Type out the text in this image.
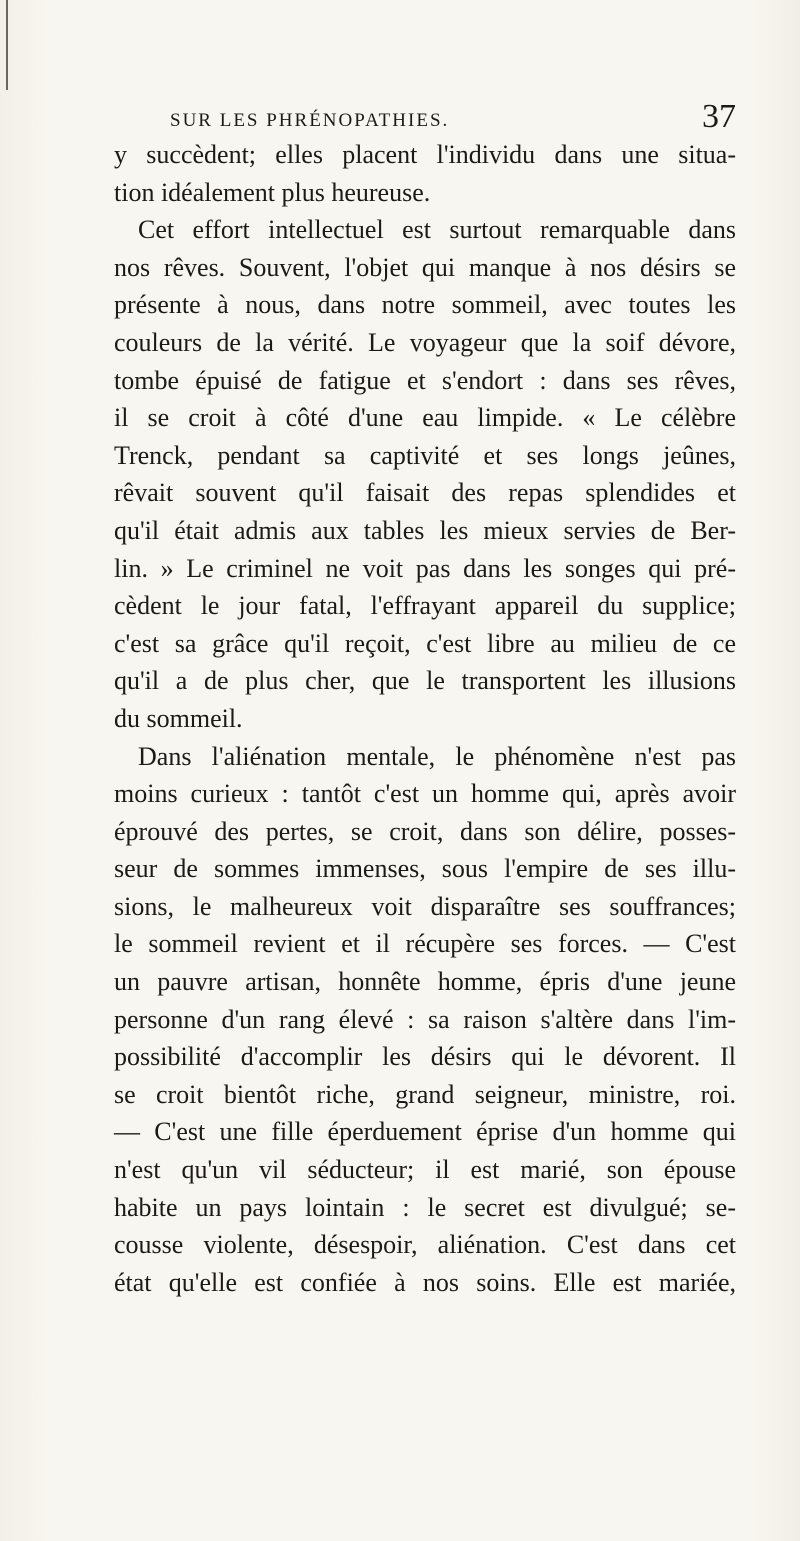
SUR LES PHRÉNOPATHIES.	37
y succèdent; elles placent l'individu dans une situa-
tion idéalement plus heureuse.
Cet effort intellectuel est surtout remarquable dans
nos rêves. Souvent, l'objet qui manque à nos désirs se
présente à nous, dans notre sommeil, avec toutes les
couleurs de la vérité. Le voyageur que la soif dévore,
tombe épuisé de fatigue et s'endort : dans ses rêves,
il se croit à côté d'une eau limpide. « Le célèbre
Trenck, pendant sa captivité et ses longs jeûnes,
rêvait souvent qu'il faisait des repas splendides et
qu'il était admis aux tables les mieux servies de Ber-
lin. » Le criminel ne voit pas dans les songes qui pré-
cèdent le jour fatal, l'effrayant appareil du supplice;
c'est sa grâce qu'il reçoit, c'est libre au milieu de ce
qu'il a de plus cher, que le transportent les illusions
du sommeil.
Dans l'aliénation mentale, le phénomène n'est pas
moins curieux : tantôt c'est un homme qui, après avoir
éprouvé des pertes, se croit, dans son délire, posses-
seur de sommes immenses, sous l'empire de ses illu-
sions, le malheureux voit disparaître ses souffrances;
le sommeil revient et il récupère ses forces. — C'est
un pauvre artisan, honnête homme, épris d'une jeune
personne d'un rang élevé : sa raison s'altère dans l'im-
possibilité d'accomplir les désirs qui le dévorent. Il
se croit bientôt riche, grand seigneur, ministre, roi.
— C'est une fille éperduement éprise d'un homme qui
n'est qu'un vil séducteur; il est marié, son épouse
habite un pays lointain : le secret est divulgué; se-
cousse violente, désespoir, aliénation. C'est dans cet
état qu'elle est confiée à nos soins. Elle est mariée,
